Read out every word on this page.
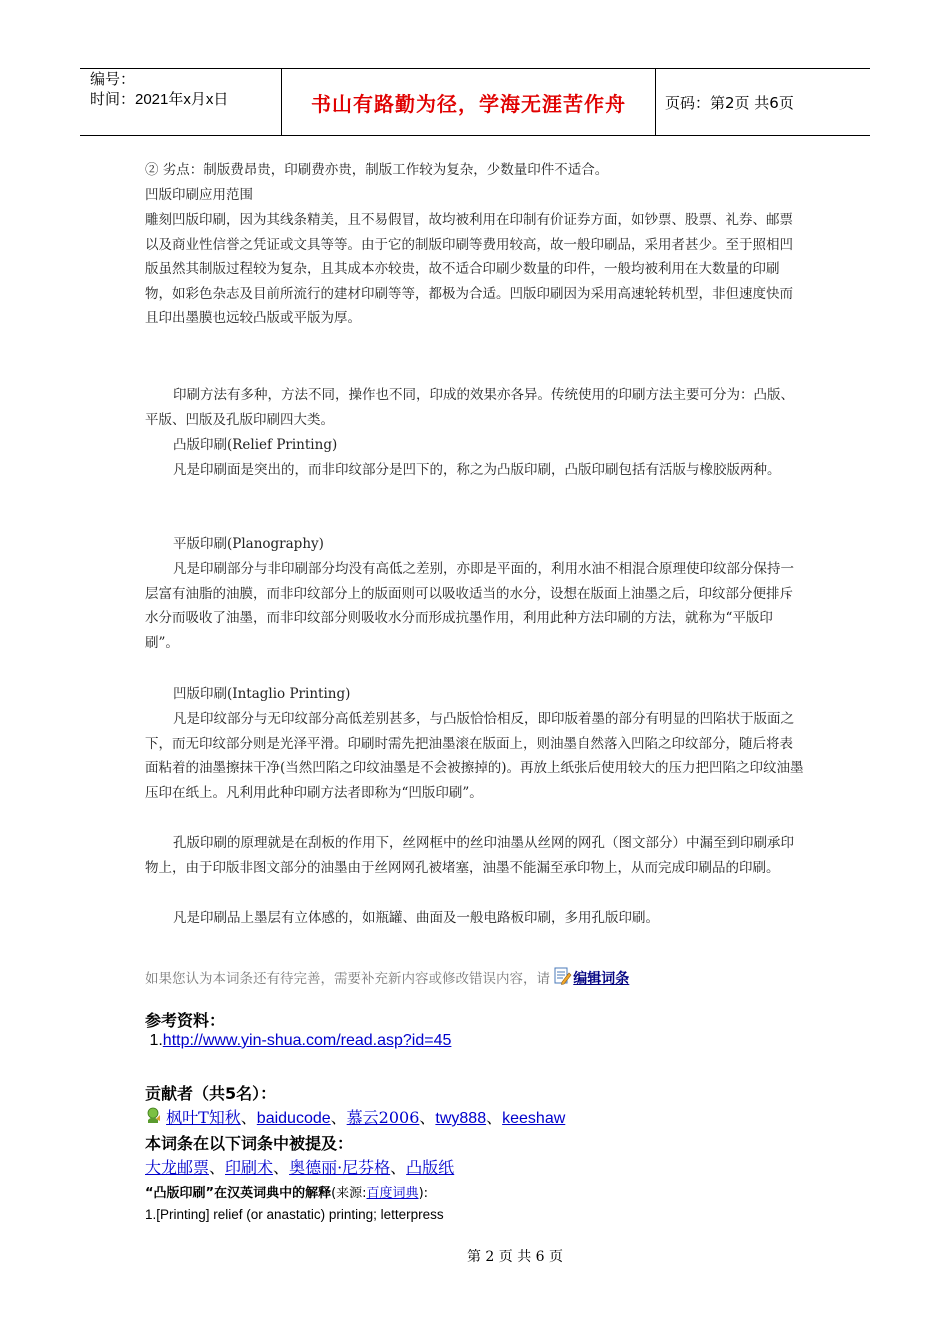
编号：
时间：2021年x月x日	书山有路勤为径，学海无涯苦作舟	页码：第2页 共6页
② 劣点：制版费昂贵，印刷费亦贵，制版工作较为复杂，少数量印件不适合。
凹版印刷应用范围
雕刻凹版印刷，因为其线条精美，且不易假冒，故均被利用在印制有价证券方面，如钞票、股票、礼券、邮票以及商业性信誉之凭证或文具等等。由于它的制版印刷等费用较高，故一般印刷品，采用者甚少。至于照相凹版虽然其制版过程较为复杂，且其成本亦较贵，故不适合印刷少数量的印件，一般均被利用在大数量的印刷物，如彩色杂志及目前所流行的建材印刷等等，都极为合适。凹版印刷因为采用高速轮转机型，非但速度快而且印出墨膜也远较凸版或平版为厚。
印刷方法有多种，方法不同，操作也不同，印成的效果亦各异。传统使用的印刷方法主要可分为：凸版、平版、凹版及孔版印刷四大类。
凸版印刷(Relief Printing)
凡是印刷面是突出的，而非印纹部分是凹下的，称之为凸版印刷，凸版印刷包括有活版与橡胶版两种。
平版印刷(Planography)
凡是印刷部分与非印刷部分均没有高低之差别，亦即是平面的，利用水油不相混合原理使印纹部分保持一层富有油脂的油膜，而非印纹部分上的版面则可以吸收适当的水分，设想在版面上油墨之后，印纹部分便排斥水分而吸收了油墨，而非印纹部分则吸收水分而形成抗墨作用，利用此种方法印刷的方法，就称为“平版印刷”。
凹版印刷(Intaglio Printing)
凡是印纹部分与无印纹部分高低差别甚多，与凸版恰恰相反，即印版着墨的部分有明显的凹陷状于版面之下，而无印纹部分则是光泽平滑。印刷时需先把油墨滚在版面上，则油墨自然落入凹陷之印纹部分，随后将表面粘着的油墨擦抹干净(当然凹陷之印纹油墨是不会被擦掉的)。再放上纸张后使用较大的压力把凹陷之印纹油墨压印在纸上。凡利用此种印刷方法者即称为“凹版印刷”。
孔版印刷的原理就是在刮板的作用下，丝网框中的丝印油墨从丝网的网孔（图文部分）中漏至到印刷承印物上，由于印版非图文部分的油墨由于丝网网孔被堵塞，油墨不能漏至承印物上，从而完成印刷品的印刷。
凡是印刷品上墨层有立体感的，如瓶罐、曲面及一般电路板印刷，多用孔版印刷。
如果您认为本词条还有待完善，需要补充新内容或修改错误内容，请 编辑词条
参考资料：
1.http://www.yin-shua.com/read.asp?id=45
贡献者（共5名）：
枫叶T知秋、baiducode、慕云2006、twy888、keeshaw
本词条在以下词条中被提及：
大龙邮票、印刷术、奥德丽·尼芬格、凸版纸
“凸版印刷”在汉英词典中的解释(来源:百度词典):
1.[Printing] relief (or anastatic) printing; letterpress
第 2 页 共 6 页
